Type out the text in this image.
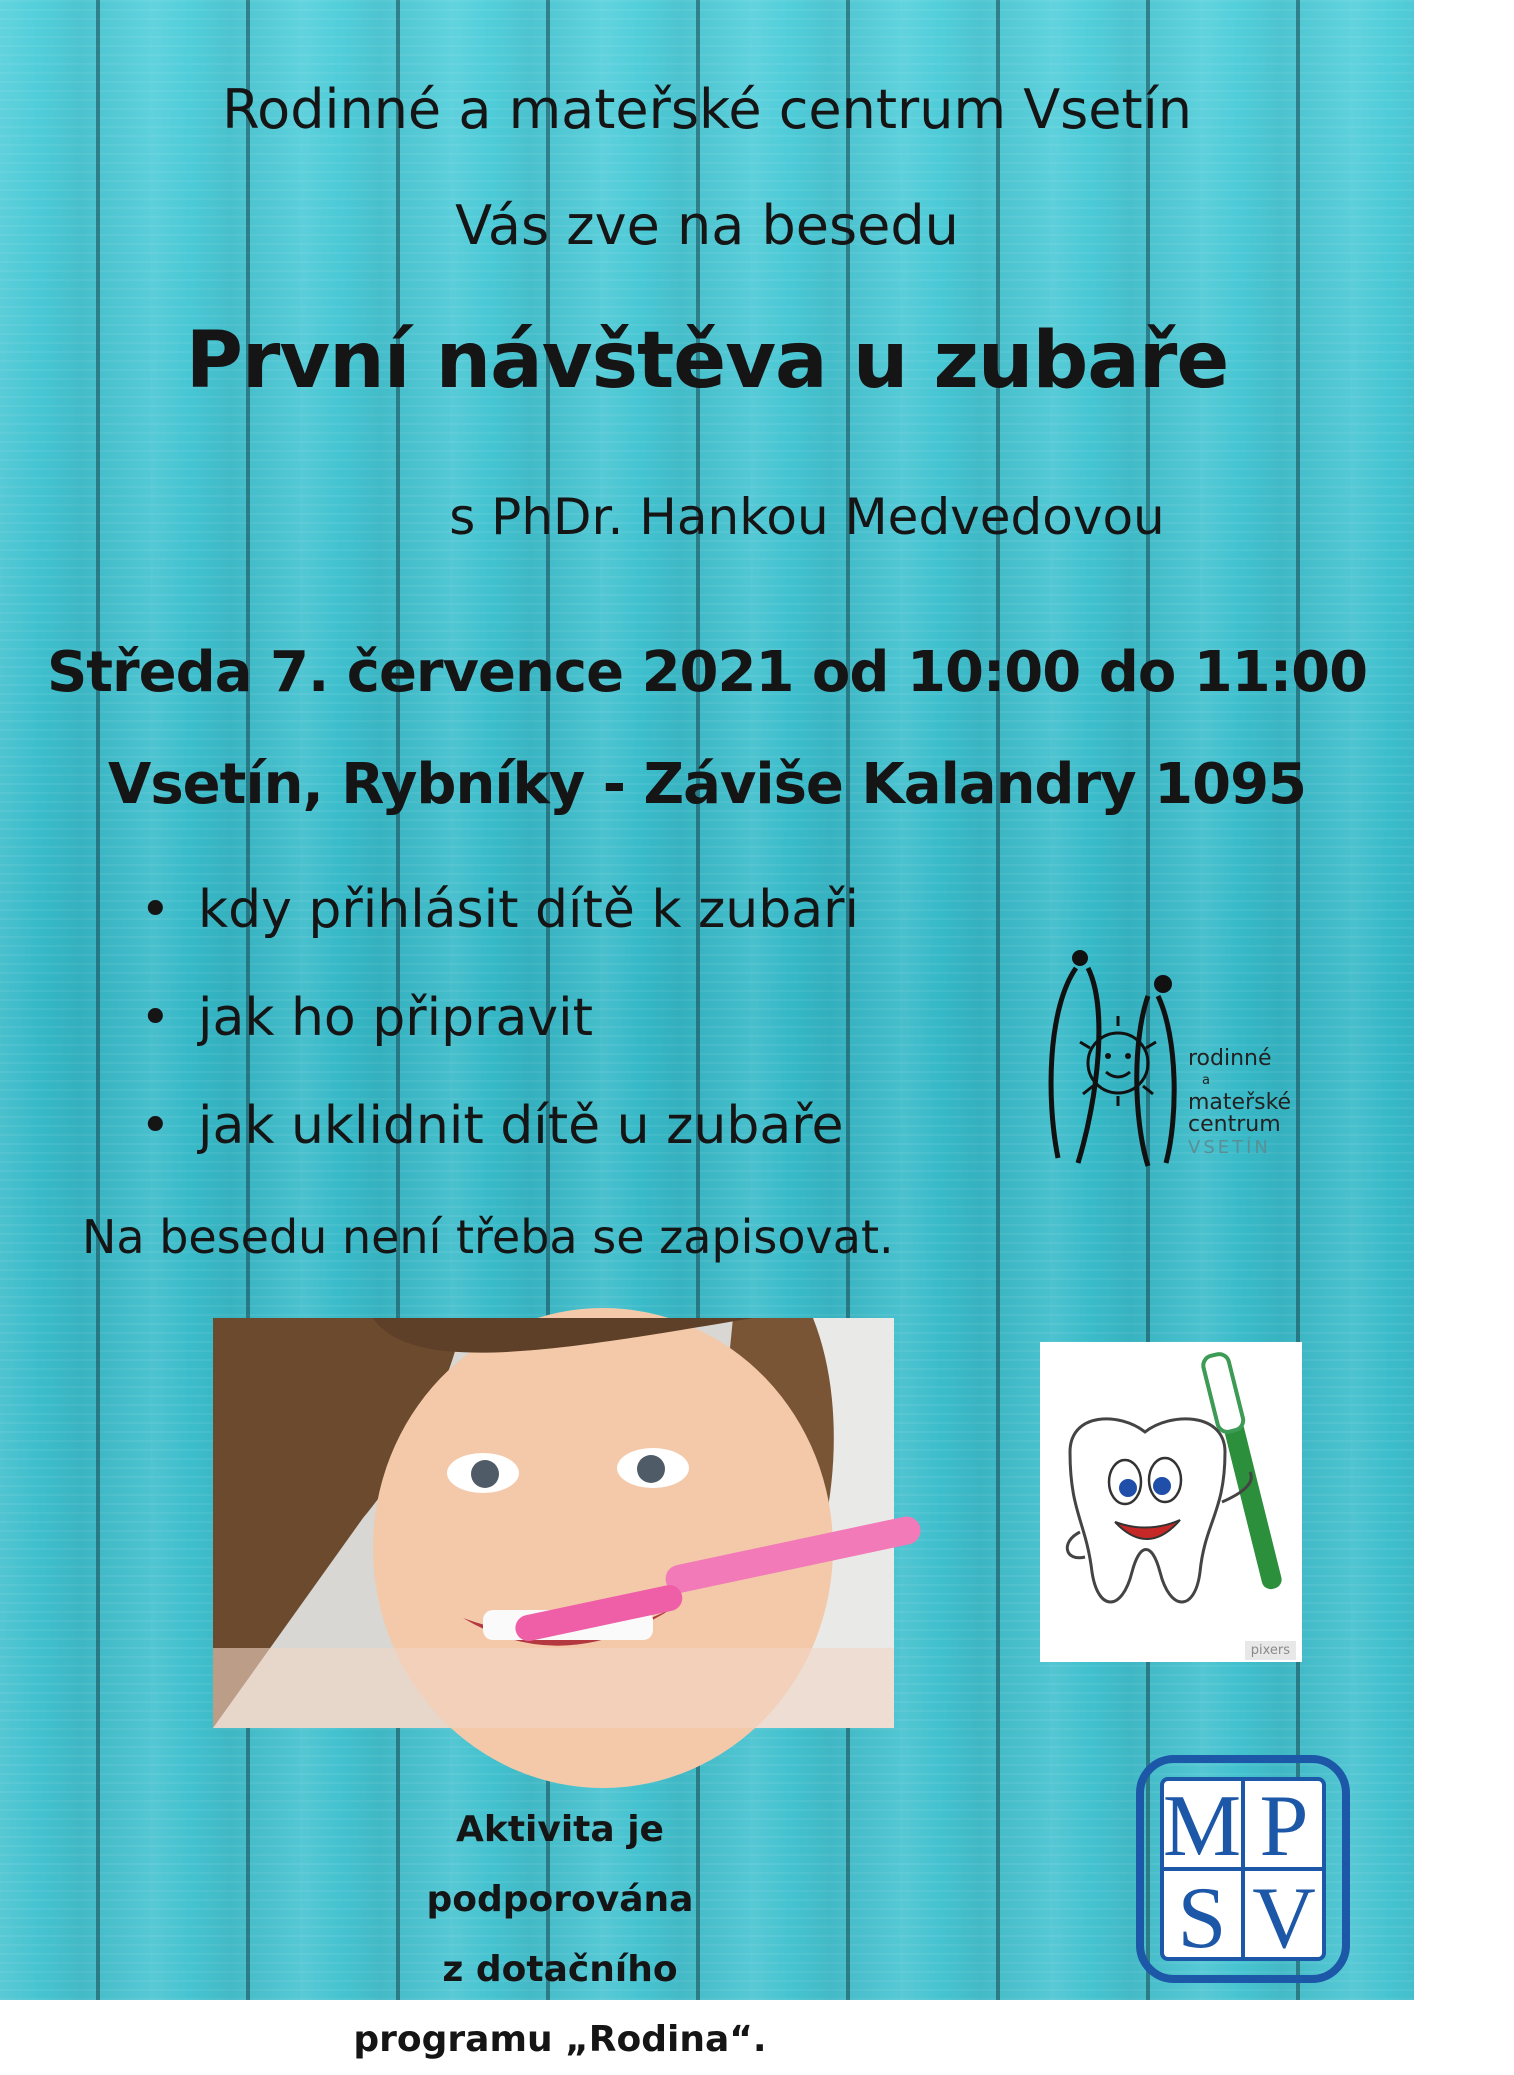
Rodinné a mateřské centrum Vsetín
Vás zve na besedu
První návštěva u zubaře
s PhDr. Hankou Medvedovou
Středa 7. července 2021 od 10:00 do 11:00
Vsetín, Rybníky - Záviše Kalandry 1095
• kdy přihlásit dítě k zubaři
• jak ho připravit
• jak uklidnit dítě u zubaře
Na besedu není třeba se zapisovat.
rodinné
a
mateřské
centrum
VSETÍN
pixers
Aktivita je podporována
z dotačního programu „Rodina“.
M P
S V
